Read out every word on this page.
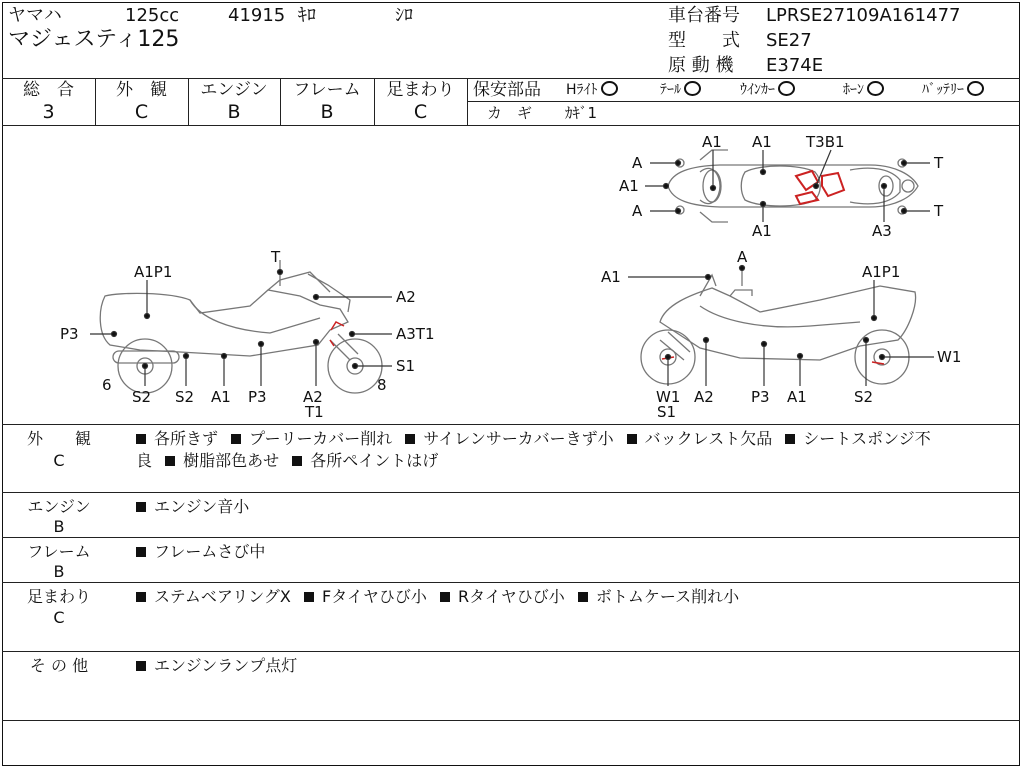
ヤマハ	125cc	41915 ｷﾛ	ｼﾛ
マジェスティ125
車台番号 LPRSE27109A161477
型　　式 SE27
原 動 機 E374E
総　合	外　観	エンジン	フレーム	足まわり
3	C	B	B	C
保安部品 Hﾗｲﾄ	ﾃｰﾙ	ｳｲﾝｶｰ	ﾎｰﾝ	ﾊﾞｯﾃﾘｰ
カ　ギ ｶｷﾞ1
A1 A1 T3B1
A	T
A1
A	T
A1	A3
T
A1P1
A2
P3	A3T1
S1
6	8
S2 S2 A1 P3 A2
T1
A
A1	A1P1
W1
W1
S1
A2 P3 A1	S2
外　　観
C
各所きず プーリーカバー削れ サイレンサーカバーきず小 バックレスト欠品 シートスポンジ不
良 樹脂部色あせ 各所ペイントはげ
エンジン
B
エンジン音小
フレーム
B
フレームさび中
足まわり
C
ステムベアリングX Fタイヤひび小 Rタイヤひび小 ボトムケース削れ小
そ の 他	エンジンランプ点灯
